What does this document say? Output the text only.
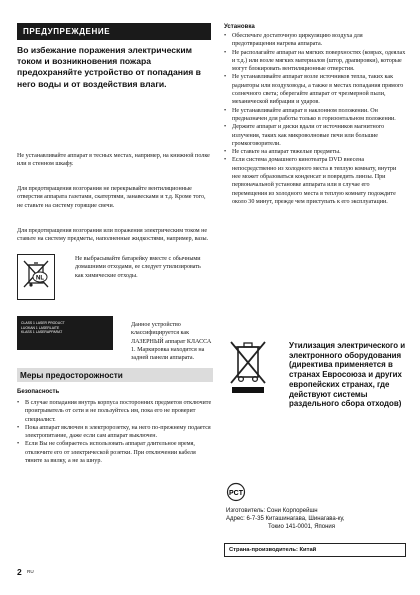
ПРЕДУПРЕЖДЕНИЕ
Во избежание поражения электрическим током и возникновения пожара предохраняйте устройство от попадания в него воды и от воздействия влаги.
Не устанавливайте аппарат в тесных местах, например, на книжной полке или в стенном шкафу.
Для предотвращения возгорания не перекрывайте вентиляционные отверстия аппарата газетами, скатертями, занавесками и т.д. Кроме того, не ставьте на систему горящие свечи.
Для предотвращения возгорания или поражения электрическим током не ставьте на систему предметы, наполненные жидкостями, например, вазы.
NL
Не выбрасывайте батарейку вместе с обычными домашними отходами, ее следует утилизировать как химические отходы.
CLASS 1 LASER PRODUCT
LUOKAN 1 LASERLAITE
KLASS 1 LASERAPPARAT
Данное устройство классифицируется как ЛАЗЕРНЫЙ аппарат КЛАССА 1. Маркировка находится на задней панели аппарата.
Меры предосторожности
Безопасность
• В случае попадания внутрь корпуса посторонних предметов отключите проигрыватель от сети и не пользуйтесь им, пока его не проверит специалист.
• Пока аппарат включен в электророзетку, на него по-прежнему подается электропитание, даже если сам аппарат выключен.
• Если Вы не собираетесь использовать аппарат длительное время, отключите его от электрической розетки. При отключении кабеля тяните за вилку, а не за шнур.
2 RU
Установка
• Обеспечьте достаточную циркуляцию воздуха для предотвращения нагрева аппарата.
• Не располагайте аппарат на мягких поверхностях (коврах, одеялах и т.д.) или возле мягких материалов (штор, драпировки), которые могут блокировать вентиляционные отверстия.
• Не устанавливайте аппарат возле источников тепла, таких как радиаторы или воздуховоды, а также в местах попадания прямого солнечного света; оберегайте аппарат от чрезмерной пыли, механической вибрации и ударов.
• Не устанавливайте аппарат в наклонном положении. Он предназначен для работы только в горизонтальном положении.
• Держите аппарат и диски вдали от источников магнитного излучения, таких как микроволновые печи или большие громкоговорители.
• Не ставьте на аппарат тяжелые предметы.
• Если система домашнего кинотеатра DVD внесена непосредственно из холодного места в теплую комнату, внутри нее может образоваться конденсат и повредить линзы. При первоначальной установке аппарата или в случае его перемещения из холодного места в теплую комнату подождите около 30 минут, прежде чем приступать к его эксплуатации.
Утилизация электрического и электронного оборудования (директива применяется в странах Евросоюза и других европейских странах, где действуют системы раздельного сбора отходов)
PCT
Изготовитель: Сони Корпорейшн
Адрес: 6-7-35 Киташинагава, Шинагава-ку,
Токио 141-0001, Япония
Страна-производитель: Китай
